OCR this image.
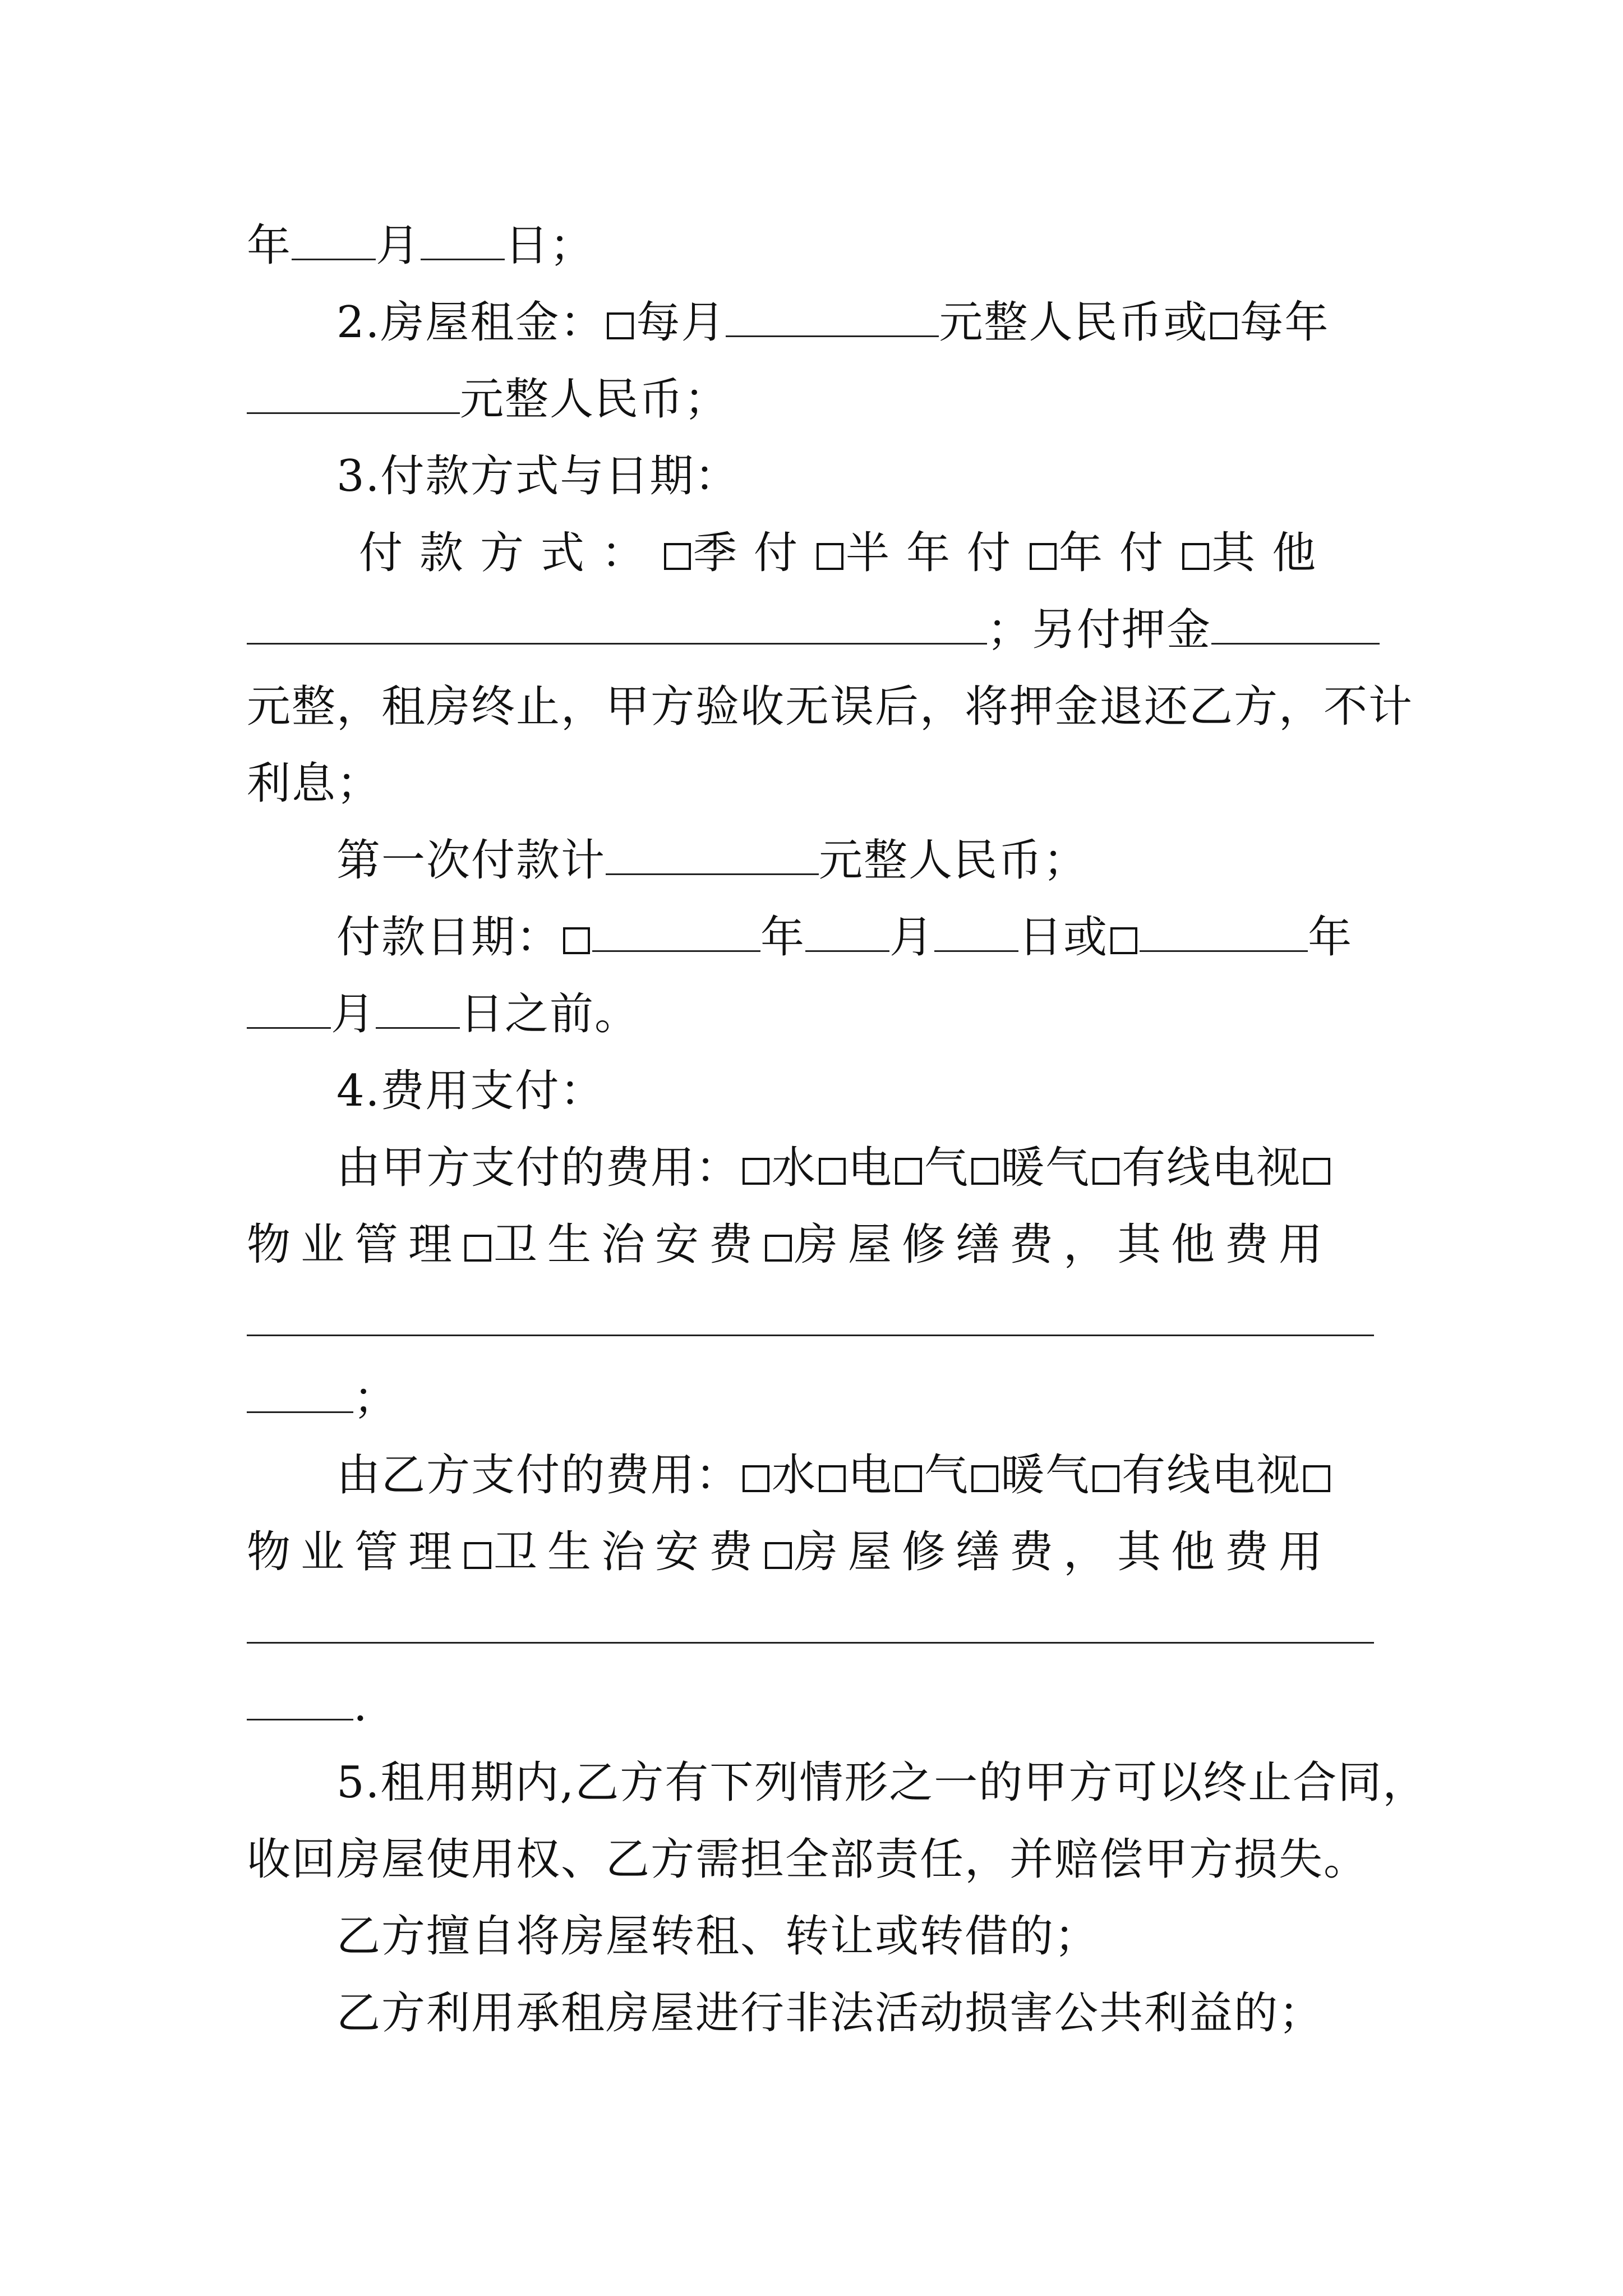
年 月 日；
2.房屋租金： 每月	元整人民币或 每年
元整人民币；
3.付款方式与日期：
付款方式： 季付 半年付 年付 其他
；另付押金
元整，租房终止，甲方验收无误后，将押金退还乙方，不计
利息；
第一次付款计	元整人民币；
付款日期：	年 月 日或	年
月 日之前。
4.费用支付：
由甲方支付的费用： 水 电 气 暖气 有线电视
物业管理 卫生治安费 房屋修缮费，其他费用
；
由乙方支付的费用： 水 电 气 暖气 有线电视
物业管理 卫生治安费 房屋修缮费，其他费用
.
5.租用期内,乙方有下列情形之一的甲方可以终止合同，
收回房屋使用权、乙方需担全部责任，并赔偿甲方损失。
乙方擅自将房屋转租、转让或转借的；
乙方利用承租房屋进行非法活动损害公共利益的；
